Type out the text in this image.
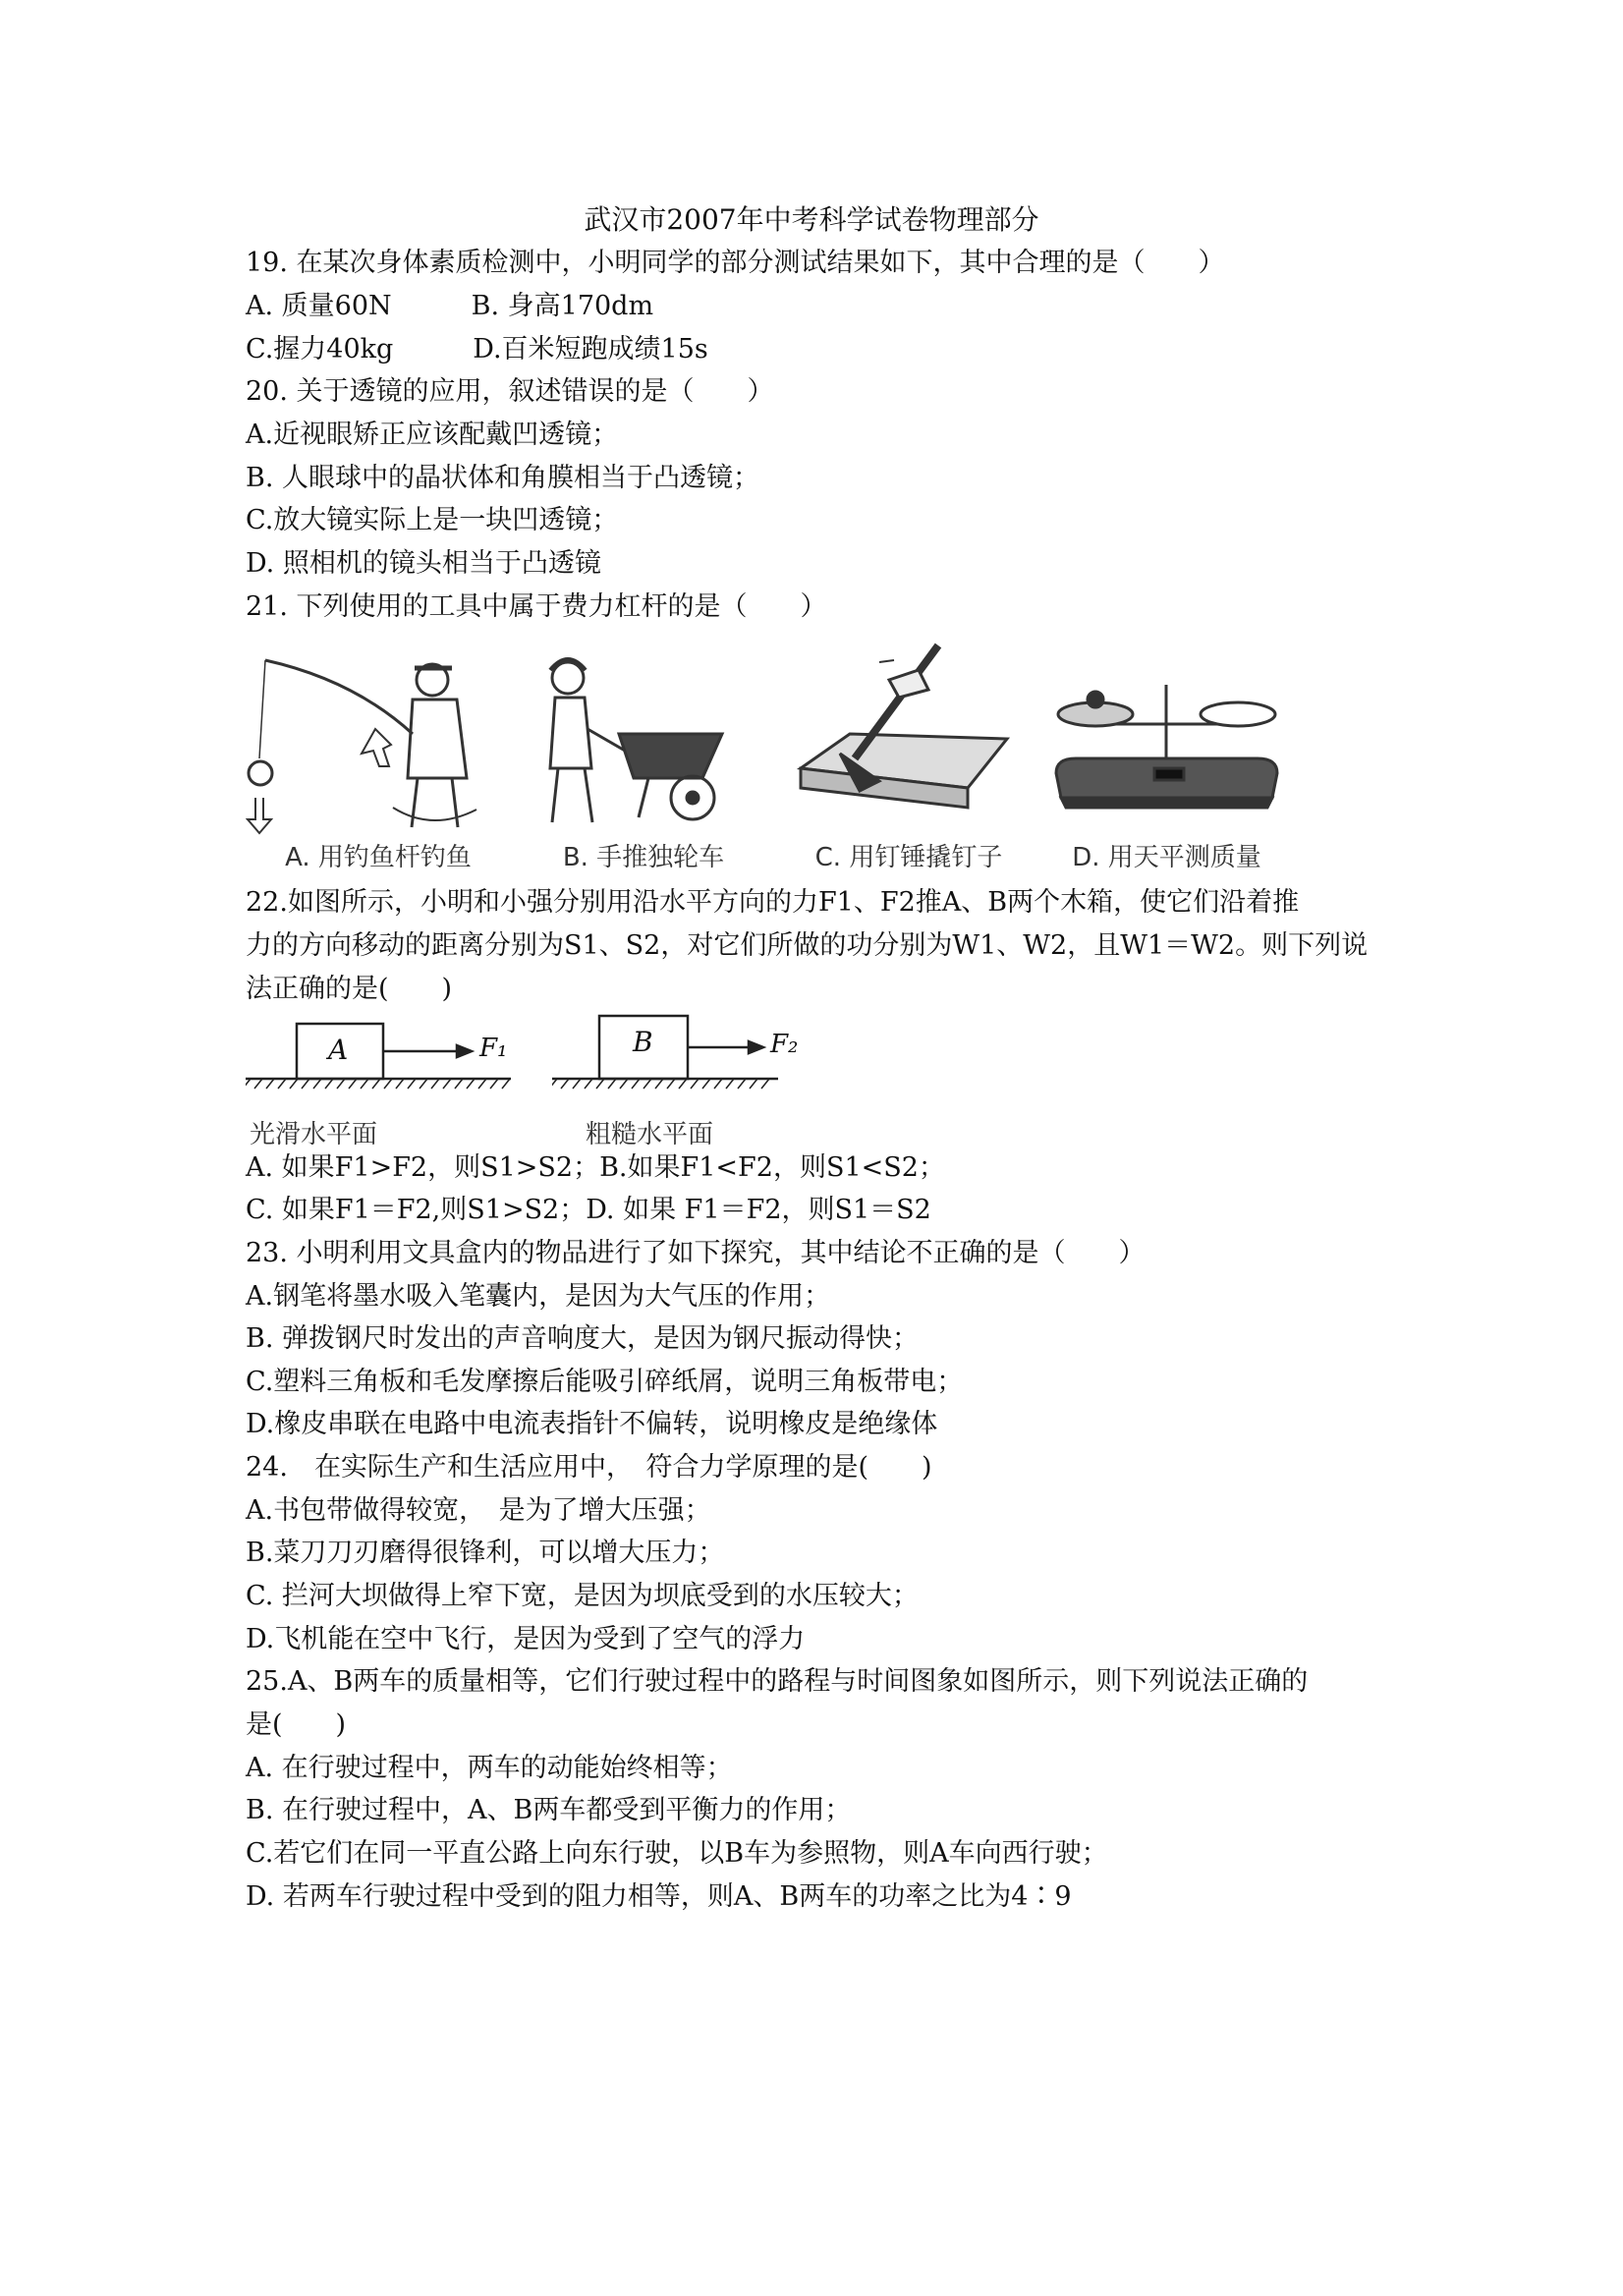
武汉市2007年中考科学试卷物理部分
19. 在某次身体素质检测中，小明同学的部分测试结果如下，其中合理的是（　　）
A. 质量60N　　　B. 身高170dm
C.握力40kg　　　D.百米短跑成绩15s
20. 关于透镜的应用，叙述错误的是（　　）
A.近视眼矫正应该配戴凹透镜；
B. 人眼球中的晶状体和角膜相当于凸透镜；
C.放大镜实际上是一块凹透镜；
D. 照相机的镜头相当于凸透镜
21. 下列使用的工具中属于费力杠杆的是（　　）
A. 用钓鱼杆钓鱼	B. 手推独轮车	C. 用钉锤撬钉子	D. 用天平测质量
22.如图所示，小明和小强分别用沿水平方向的力F1、F2推A、B两个木箱，使它们沿着推
力的方向移动的距离分别为S1、S2，对它们所做的功分别为W1、W2，且W1＝W2。则下列说
法正确的是(　　)
A	F₁
光滑水平面
B	F₂
粗糙水平面
A. 如果F1>F2，则S1>S2；B.如果F1<F2，则S1<S2；
C. 如果F1＝F2,则S1>S2；D. 如果 F1＝F2，则S1＝S2
23. 小明利用文具盒内的物品进行了如下探究，其中结论不正确的是（　　）
A.钢笔将墨水吸入笔囊内，是因为大气压的作用；
B. 弹拨钢尺时发出的声音响度大，是因为钢尺振动得快；
C.塑料三角板和毛发摩擦后能吸引碎纸屑，说明三角板带电；
D.橡皮串联在电路中电流表指针不偏转，说明橡皮是绝缘体
24.　在实际生产和生活应用中，　符合力学原理的是(　　)
A.书包带做得较宽，　是为了增大压强；
B.菜刀刀刃磨得很锋利，可以增大压力；
C. 拦河大坝做得上窄下宽，是因为坝底受到的水压较大；
D.飞机能在空中飞行，是因为受到了空气的浮力
25.A、B两车的质量相等，它们行驶过程中的路程与时间图象如图所示，则下列说法正确的
是(　　)
A. 在行驶过程中，两车的动能始终相等；
B. 在行驶过程中，A、B两车都受到平衡力的作用；
C.若它们在同一平直公路上向东行驶，以B车为参照物，则A车向西行驶；
D. 若两车行驶过程中受到的阻力相等，则A、B两车的功率之比为4∶9
